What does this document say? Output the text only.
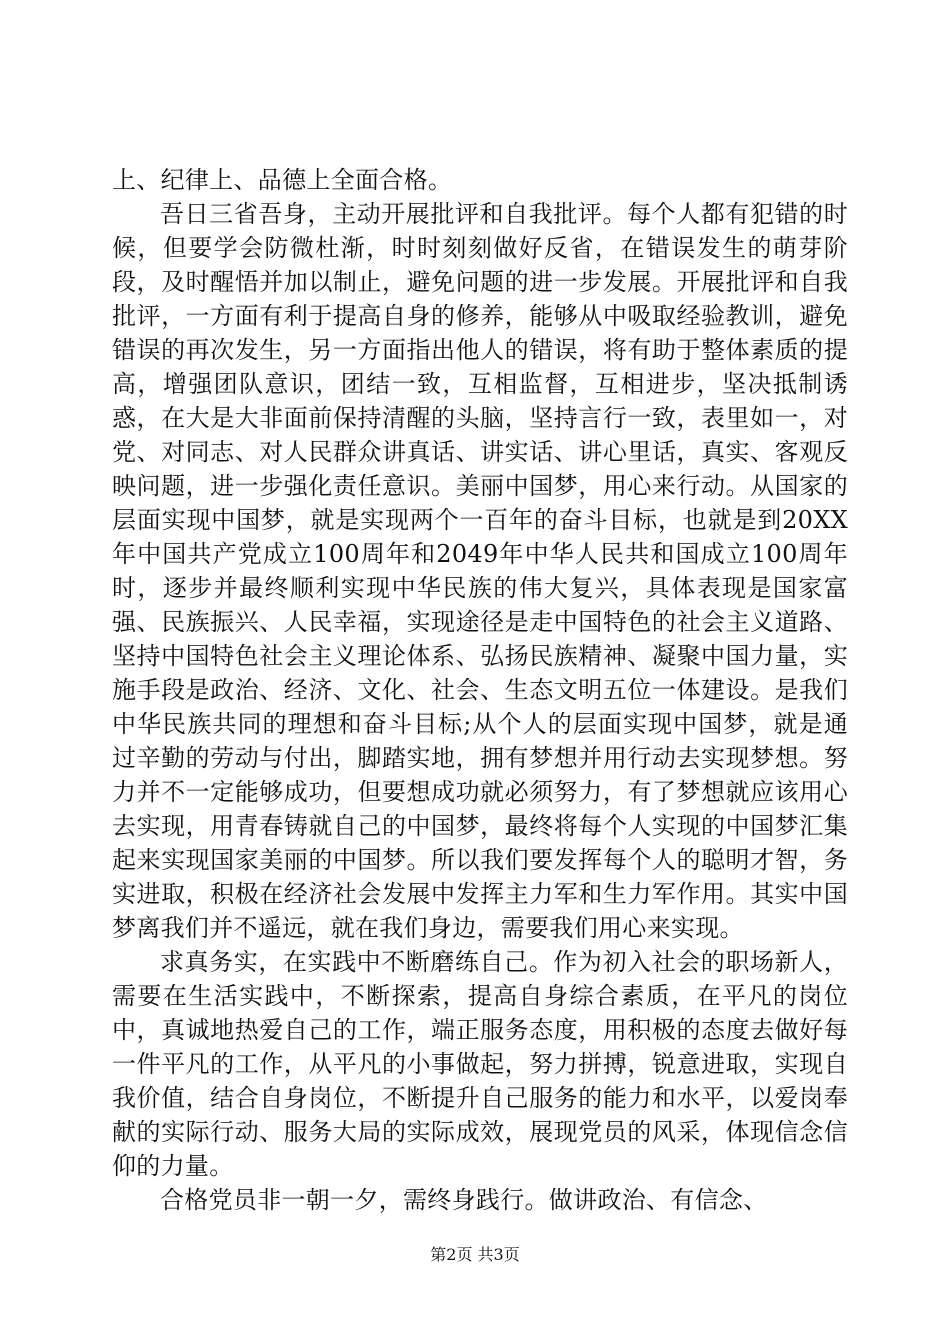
上、纪律上、品德上全面合格。

吾日三省吾身，主动开展批评和自我批评。每个人都有犯错的时候，但要学会防微杜渐，时时刻刻做好反省，在错误发生的萌芽阶段，及时醒悟并加以制止，避免问题的进一步发展。开展批评和自我批评，一方面有利于提高自身的修养，能够从中吸取经验教训，避免错误的再次发生，另一方面指出他人的错误，将有助于整体素质的提高，增强团队意识，团结一致，互相监督，互相进步，坚决抵制诱惑，在大是大非面前保持清醒的头脑，坚持言行一致，表里如一，对党、对同志、对人民群众讲真话、讲实话、讲心里话，真实、客观反映问题，进一步强化责任意识。美丽中国梦，用心来行动。从国家的层面实现中国梦，就是实现两个一百年的奋斗目标，也就是到20XX年中国共产党成立100周年和2049年中华人民共和国成立100周年时，逐步并最终顺利实现中华民族的伟大复兴，具体表现是国家富强、民族振兴、人民幸福，实现途径是走中国特色的社会主义道路、坚持中国特色社会主义理论体系、弘扬民族精神、凝聚中国力量，实施手段是政治、经济、文化、社会、生态文明五位一体建设。是我们中华民族共同的理想和奋斗目标;从个人的层面实现中国梦，就是通过辛勤的劳动与付出，脚踏实地，拥有梦想并用行动去实现梦想。努力并不一定能够成功，但要想成功就必须努力，有了梦想就应该用心去实现，用青春铸就自己的中国梦，最终将每个人实现的中国梦汇集起来实现国家美丽的中国梦。所以我们要发挥每个人的聪明才智，务实进取，积极在经济社会发展中发挥主力军和生力军作用。其实中国梦离我们并不遥远，就在我们身边，需要我们用心来实现。

求真务实，在实践中不断磨练自己。作为初入社会的职场新人，需要在生活实践中，不断探索，提高自身综合素质，在平凡的岗位中，真诚地热爱自己的工作，端正服务态度，用积极的态度去做好每一件平凡的工作，从平凡的小事做起，努力拼搏，锐意进取，实现自我价值，结合自身岗位，不断提升自己服务的能力和水平，以爱岗奉献的实际行动、服务大局的实际成效，展现党员的风采，体现信念信仰的力量。

合格党员非一朝一夕，需终身践行。做讲政治、有信念、

第2页 共3页
